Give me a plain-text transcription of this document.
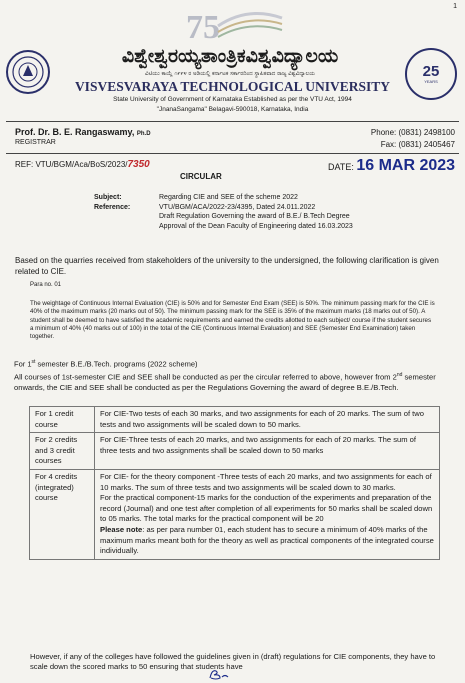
1
75
25
YEARS
ವಿಶ್ವೇಶ್ವರಯ್ಯತಾಂತ್ರಿಕವಿಶ್ವವಿದ್ಯಾಲಯ
ವಿಟಿಯು ಕಾಯ್ದೆ ೧೯೯೪ ರ ಅಡಿಯಲ್ಲಿ ಕರ್ನಾಟಕ ಸರ್ಕಾರದಿಂದ ಸ್ಥಾಪಿತವಾದ ರಾಜ್ಯ ವಿಶ್ವವಿದ್ಯಾಲಯ
VISVESVARAYA TECHNOLOGICAL UNIVERSITY
State University of Government of Karnataka Established as per the VTU Act, 1994
"JnanaSangama" Belagavi-590018, Karnataka, India
Prof. Dr. B. E. Rangaswamy, Ph.D
REGISTRAR
Phone: (0831) 2498100
Fax: (0831) 2405467
REF: VTU/BGM/Aca/BoS/2023/7350	DATE: 16 MAR 2023
CIRCULAR
Subject:	Regarding CIE and SEE of the scheme 2022
Reference:	VTU/BGM/ACA/2022-23/4395, Dated 24.011.2022
Draft Regulation Governing the award of B.E./ B.Tech Degree
Approval of the Dean Faculty of Engineering dated 16.03.2023
Based on the quarries received from stakeholders of the university to the undersigned, the following clarification is given related to CIE.
Para no. 01
The weightage of Continuous Internal Evaluation (CIE) is 50% and for Semester End Exam (SEE) is 50%. The minimum passing mark for the CIE is 40% of the maximum marks (20 marks out of 50). The minimum passing mark for the SEE is 35% of the maximum marks (18 marks out of 50). A student shall be deemed to have satisfied the academic requirements and earned the credits allotted to each subject/ course if the student secures a minimum of 40% (40 marks out of 100) in the total of the CIE (Continuous Internal Evaluation) and SEE (Semester End Examination) taken together.
For 1st semester B.E./B.Tech. programs (2022 scheme)
All courses of 1st-semester CIE and SEE shall be conducted as per the circular referred to above, however from 2nd semester onwards, the CIE and SEE shall be conducted as per the Regulations Governing the award of degree B.E./B.Tech.
For 1 credit course	For CIE-Two tests of each 30 marks, and two assignments for each of 20 marks. The sum of two tests and two assignments will be scaled down to 50 marks.
For 2 credits and 3 credit courses	For CIE-Three tests of each 20 marks, and two assignments for each of 20 marks. The sum of three tests and two assignments shall be scaled down to 50 marks
For 4 credits (integrated) course	For CIE- for the theory component -Three tests of each 20 marks, and two assignments for each of 10 marks. The sum of three tests and two assignments will be scaled down to 30 marks.
For the practical component-15 marks for the conduction of the experiments and preparation of the record (Journal) and one test after completion of all experiments for 50 marks shall be scaled down to 05 marks. The total marks for the practical component will be 20
Please note: as per para number 01, each student has to secure a minimum of 40% marks of the maximum marks meant both for the theory as well as practical components of the integrated course individually.
However, if any of the colleges have followed the guidelines given in (draft) regulations for CIE components, they have to scale down the scored marks to 50 ensuring that students have
